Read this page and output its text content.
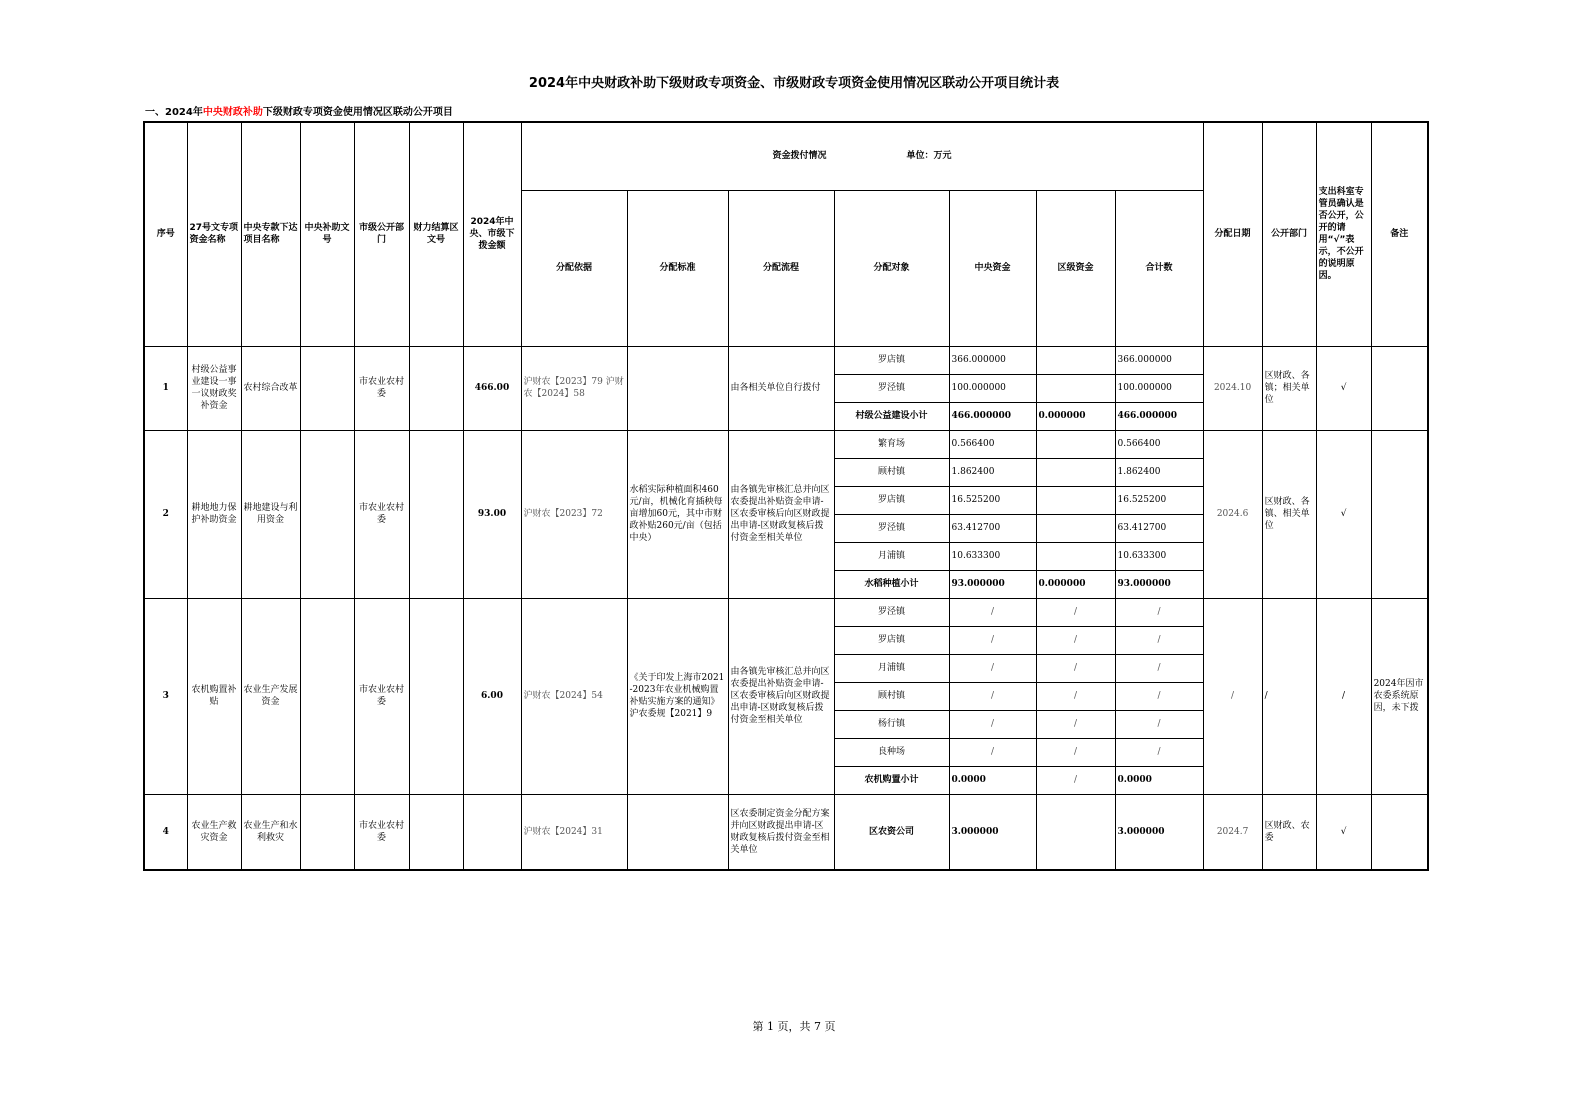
2024年中央财政补助下级财政专项资金、市级财政专项资金使用情况区联动公开项目统计表
一、2024年中央财政补助下级财政专项资金使用情况区联动公开项目
序号	27号文专项资金名称	中央专款下达项目名称	中央补助文号	市级公开部门	财力结算区文号	2024年中央、市级下拨金额	资金拨付情况 单位：万元							分配日期	公开部门	支出科室专管员确认是否公开，公开的请用“√”表示，不公开的说明原因。	备注
							分配依据	分配标准	分配流程	分配对象	中央资金	区级资金	合计数				
1	村级公益事业建设一事一议财政奖补资金	农村综合改革		市农业农村委		466.00	沪财农【2023】79 沪财农【2024】58		由各相关单位自行拨付	罗店镇	366.000000		366.000000	2024.10	区财政、各镇；相关单位	√	
										罗泾镇	100.000000		100.000000				
										村级公益建设小计	466.000000	0.000000	466.000000				
2	耕地地力保护补助资金	耕地建设与利用资金		市农业农村委		93.00	沪财农【2023】72	水稻实际种植面积460元/亩，机械化育插秧每亩增加60元，其中市财政补贴260元/亩（包括中央）	由各镇先审核汇总并向区农委提出补贴资金申请-区农委审核后向区财政提出申请-区财政复核后拨付资金至相关单位	繁育场	0.566400		0.566400	2024.6	区财政、各镇、相关单位	√	
										顾村镇	1.862400		1.862400				
										罗店镇	16.525200		16.525200				
										罗泾镇	63.412700		63.412700				
										月浦镇	10.633300		10.633300				
										水稻种植小计	93.000000	0.000000	93.000000				
3	农机购置补贴	农业生产发展资金		市农业农村委		6.00	沪财农【2024】54	《关于印发上海市2021-2023年农业机械购置补贴实施方案的通知》沪农委规【2021】9	由各镇先审核汇总并向区农委提出补贴资金申请-区农委审核后向区财政提出申请-区财政复核后拨付资金至相关单位	罗泾镇	/	/	/	/	/	/	2024年因市农委系统原因，未下拨
										罗店镇	/	/	/				
										月浦镇	/	/	/				
										顾村镇	/	/	/				
										杨行镇	/	/	/				
										良种场	/	/	/				
										农机购置小计	0.0000	/	0.0000				
4	农业生产救灾资金	农业生产和水利救灾		市农业农村委			沪财农【2024】31		区农委制定资金分配方案并向区财政提出申请-区财政复核后拨付资金至相关单位	区农资公司	3.000000		3.000000	2024.7	区财政、农委	√	
第 1 页，共 7 页
